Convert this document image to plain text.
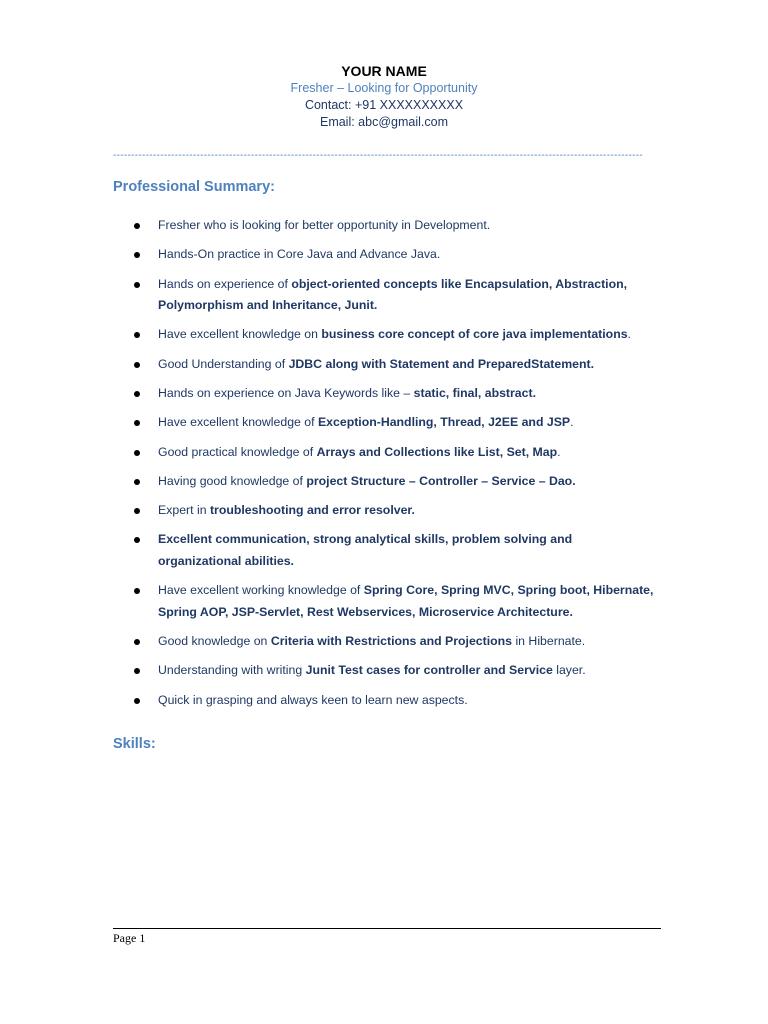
YOUR NAME
Fresher – Looking for Opportunity
Contact: +91 XXXXXXXXXX
Email: abc@gmail.com
--------------------------------------------------------------------------------------------------------------------------------------------------
Professional Summary:
Fresher who is looking for better opportunity in Development.
Hands-On practice in Core Java and Advance Java.
Hands on experience of object-oriented concepts like Encapsulation, Abstraction, Polymorphism and Inheritance, Junit.
Have excellent knowledge on business core concept of core java implementations.
Good Understanding of JDBC along with Statement and PreparedStatement.
Hands on experience on Java Keywords like – static, final, abstract.
Have excellent knowledge of Exception-Handling, Thread, J2EE and JSP.
Good practical knowledge of Arrays and Collections like List, Set, Map.
Having good knowledge of project Structure – Controller – Service – Dao.
Expert in troubleshooting and error resolver.
Excellent communication, strong analytical skills, problem solving and organizational abilities.
Have excellent working knowledge of Spring Core, Spring MVC, Spring boot, Hibernate, Spring AOP, JSP-Servlet, Rest Webservices, Microservice Architecture.
Good knowledge on Criteria with Restrictions and Projections in Hibernate.
Understanding with writing Junit Test cases for controller and Service layer.
Quick in grasping and always keen to learn new aspects.
Skills:
Page 1
